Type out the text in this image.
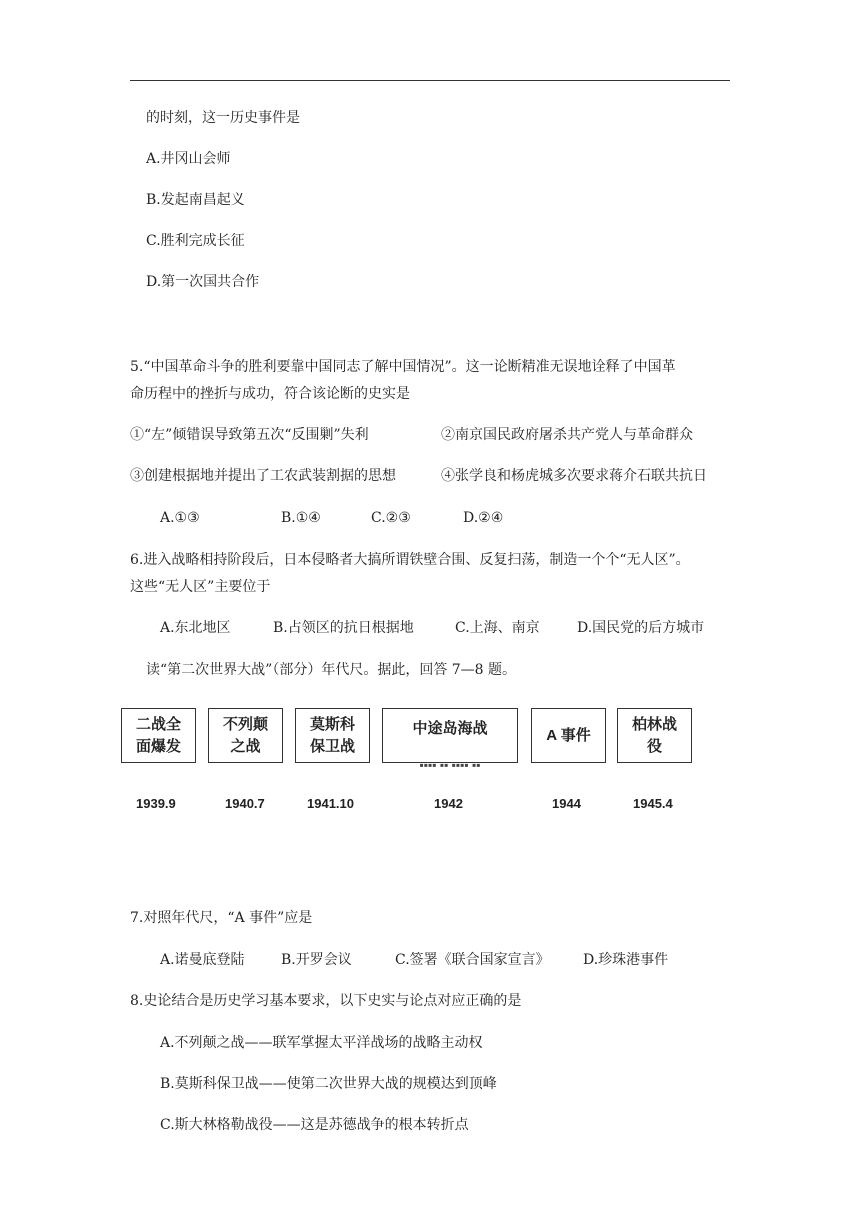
的时刻，这一历史事件是
A.井冈山会师
B.发起南昌起义
C.胜利完成长征
D.第一次国共合作
5.“中国革命斗争的胜利要靠中国同志了解中国情况”。这一论断精准无误地诠释了中国革
命历程中的挫折与成功，符合该论断的史实是
①“左”倾错误导致第五次“反围剿”失利	②南京国民政府屠杀共产党人与革命群众
③创建根据地并提出了工农武装割据的思想	④张学良和杨虎城多次要求蒋介石联共抗日
A.①③	B.①④	C.②③	D.②④
6.进入战略相持阶段后，日本侵略者大搞所谓铁壁合围、反复扫荡，制造一个个“无人区”。
这些“无人区”主要位于
A.东北地区	B.占领区的抗日根据地	C.上海、南京	D.国民党的后方城市
读“第二次世界大战”（部分）年代尺。据此，回答 7—8 题。
二战全面爆发
不列颠之战
莫斯科保卫战
中途岛海战
▪▪▪▪ ▪▪ ▪▪▪▪ ▪▪
A 事件
柏林战役
1939.9	1940.7	1941.10	1942	1944	1945.4
7.对照年代尺，“A 事件”应是
A.诺曼底登陆	B.开罗会议	C.签署《联合国家宣言》 D.珍珠港事件
8.史论结合是历史学习基本要求，以下史实与论点对应正确的是
A.不列颠之战——联军掌握太平洋战场的战略主动权
B.莫斯科保卫战——使第二次世界大战的规模达到顶峰
C.斯大林格勒战役——这是苏德战争的根本转折点
